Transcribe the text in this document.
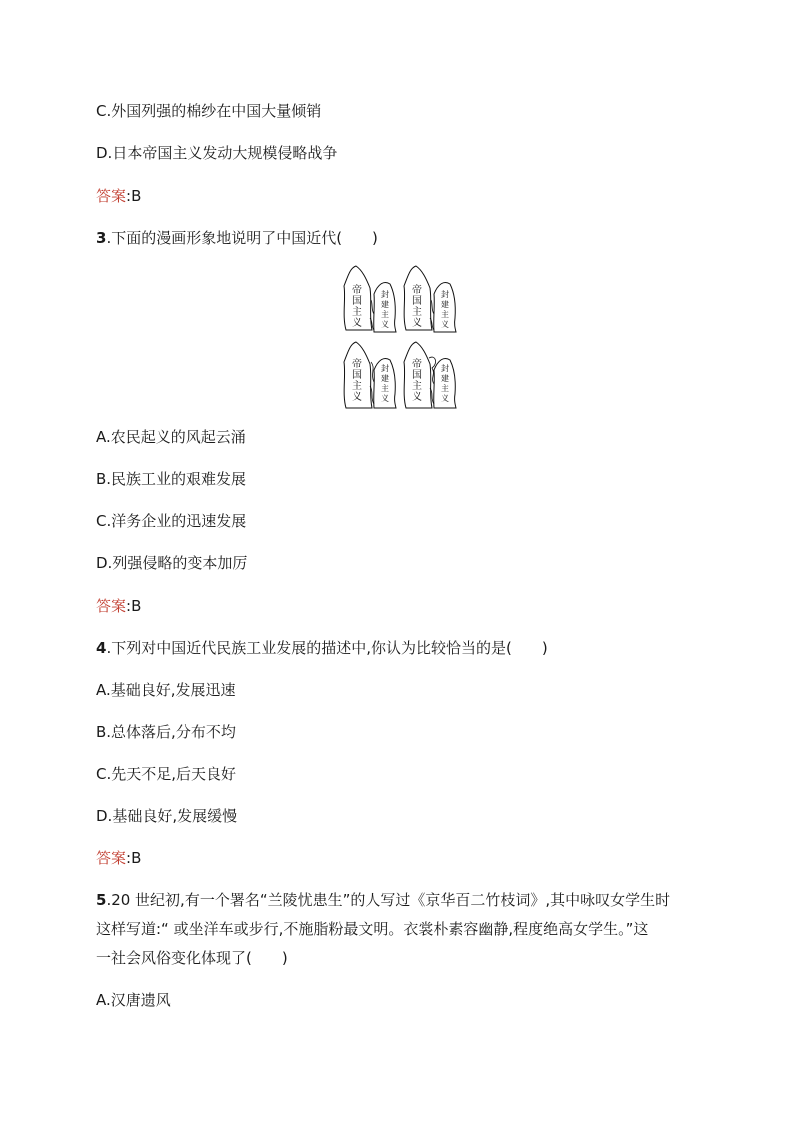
C.外国列强的棉纱在中国大量倾销
D.日本帝国主义发动大规模侵略战争
答案:B
3.下面的漫画形象地说明了中国近代(　　)
帝
国
主
义
帝
国
主
义
帝
国
主
义
帝
国
主
义
封
建
主
义
封
建
主
义
封
建
主
义
封
建
主
义
A.农民起义的风起云涌
B.民族工业的艰难发展
C.洋务企业的迅速发展
D.列强侵略的变本加厉
答案:B
4.下列对中国近代民族工业发展的描述中,你认为比较恰当的是(　　)
A.基础良好,发展迅速
B.总体落后,分布不均
C.先天不足,后天良好
D.基础良好,发展缓慢
答案:B
5.20 世纪初,有一个署名“兰陵忧患生”的人写过《京华百二竹枝词》,其中咏叹女学生时
这样写道:“ 或坐洋车或步行,不施脂粉最文明。衣裳朴素容幽静,程度绝高女学生。”这
一社会风俗变化体现了(　　)
A.汉唐遗风
